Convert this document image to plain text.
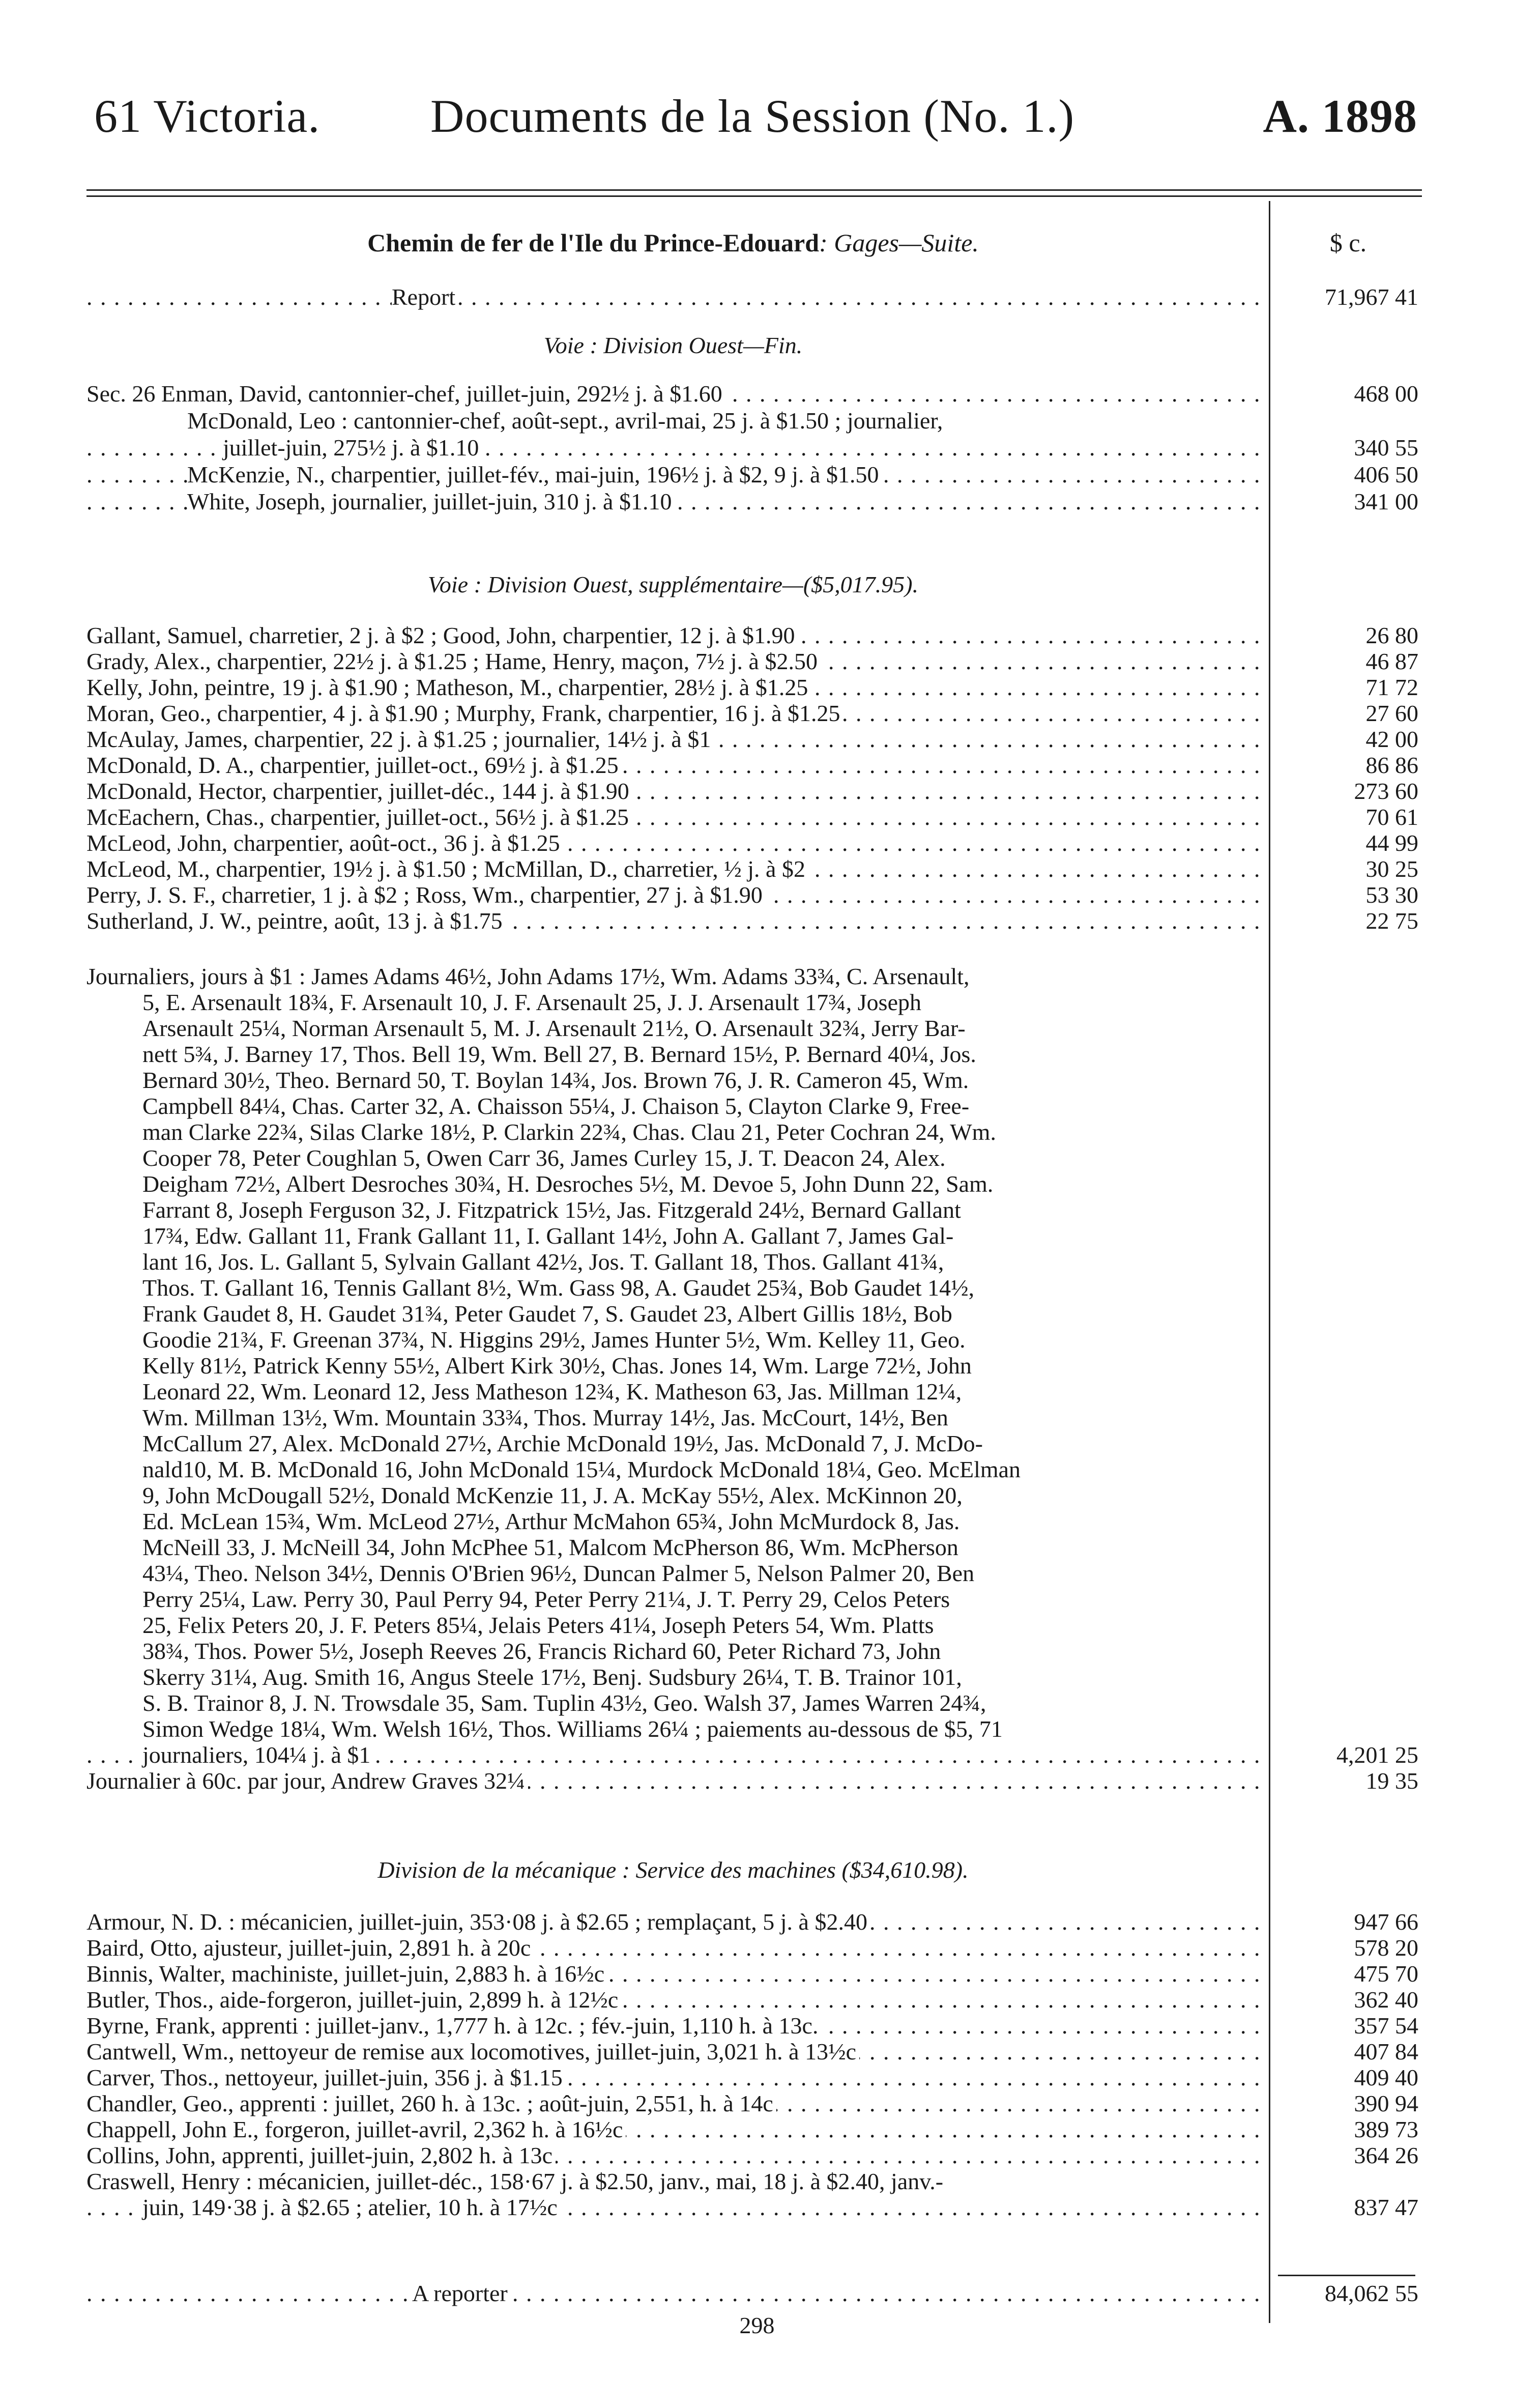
61 Victoria. Documents de la Session (No. 1.)	A. 1898
Chemin de fer de l'Ile du Prince-Edouard: Gages—Suite.	$ c.
Report . . .	71,967 41
Voie : Division Ouest—Fin.
Sec. 26 Enman, David, cantonnier-chef, juillet-juin, 292½ j. à $1.60 . . .	468 00
McDonald, Leo : cantonnier-chef, août-sept., avril-mai, 25 j. à $1.50 ; journalier,
juillet-juin, 275½ j. à $1.10 . . .	340 55
McKenzie, N., charpentier, juillet-fév., mai-juin, 196½ j. à $2, 9 j. à $1.50 . . .	406 50
White, Joseph, journalier, juillet-juin, 310 j. à $1.10 . . .	341 00
Voie : Division Ouest, supplémentaire—($5,017.95).
Gallant, Samuel, charretier, 2 j. à $2 ; Good, John, charpentier, 12 j. à $1.90 . . .	26 80
Grady, Alex., charpentier, 22½ j. à $1.25 ; Hame, Henry, maçon, 7½ j. à $2.50 . . .	46 87
Kelly, John, peintre, 19 j. à $1.90 ; Matheson, M., charpentier, 28½ j. à $1.25 . . .	71 72
Moran, Geo., charpentier, 4 j. à $1.90 ; Murphy, Frank, charpentier, 16 j. à $1.25 . . .	27 60
McAulay, James, charpentier, 22 j. à $1.25 ; journalier, 14½ j. à $1 . . .	42 00
McDonald, D. A., charpentier, juillet-oct., 69½ j. à $1.25 . . .	86 86
McDonald, Hector, charpentier, juillet-déc., 144 j. à $1.90 . . .	273 60
McEachern, Chas., charpentier, juillet-oct., 56½ j. à $1.25 . . .	70 61
McLeod, John, charpentier, août-oct., 36 j. à $1.25 . . .	44 99
McLeod, M., charpentier, 19½ j. à $1.50 ; McMillan, D., charretier, ½ j. à $2 . . .	30 25
Perry, J. S. F., charretier, 1 j. à $2 ; Ross, Wm., charpentier, 27 j. à $1.90 . . .	53 30
Sutherland, J. W., peintre, août, 13 j. à $1.75 . . .	22 75
Journaliers, jours à $1 : James Adams 46½, John Adams 17½, Wm. Adams 33¾, C. Arsenault,
5, E. Arsenault 18¾, F. Arsenault 10, J. F. Arsenault 25, J. J. Arsenault 17¾, Joseph
Arsenault 25¼, Norman Arsenault 5, M. J. Arsenault 21½, O. Arsenault 32¾, Jerry Bar-
nett 5¾, J. Barney 17, Thos. Bell 19, Wm. Bell 27, B. Bernard 15½, P. Bernard 40¼, Jos.
Bernard 30½, Theo. Bernard 50, T. Boylan 14¾, Jos. Brown 76, J. R. Cameron 45, Wm.
Campbell 84¼, Chas. Carter 32, A. Chaisson 55¼, J. Chaison 5, Clayton Clarke 9, Free-
man Clarke 22¾, Silas Clarke 18½, P. Clarkin 22¾, Chas. Clau 21, Peter Cochran 24, Wm.
Cooper 78, Peter Coughlan 5, Owen Carr 36, James Curley 15, J. T. Deacon 24, Alex.
Deigham 72½, Albert Desroches 30¾, H. Desroches 5½, M. Devoe 5, John Dunn 22, Sam.
Farrant 8, Joseph Ferguson 32, J. Fitzpatrick 15½, Jas. Fitzgerald 24½, Bernard Gallant
17¾, Edw. Gallant 11, Frank Gallant 11, I. Gallant 14½, John A. Gallant 7, James Gal-
lant 16, Jos. L. Gallant 5, Sylvain Gallant 42½, Jos. T. Gallant 18, Thos. Gallant 41¾,
Thos. T. Gallant 16, Tennis Gallant 8½, Wm. Gass 98, A. Gaudet 25¾, Bob Gaudet 14½,
Frank Gaudet 8, H. Gaudet 31¾, Peter Gaudet 7, S. Gaudet 23, Albert Gillis 18½, Bob
Goodie 21¾, F. Greenan 37¾, N. Higgins 29½, James Hunter 5½, Wm. Kelley 11, Geo.
Kelly 81½, Patrick Kenny 55½, Albert Kirk 30½, Chas. Jones 14, Wm. Large 72½, John
Leonard 22, Wm. Leonard 12, Jess Matheson 12¾, K. Matheson 63, Jas. Millman 12¼,
Wm. Millman 13½, Wm. Mountain 33¾, Thos. Murray 14½, Jas. McCourt, 14½, Ben
McCallum 27, Alex. McDonald 27½, Archie McDonald 19½, Jas. McDonald 7, J. McDo-
nald10, M. B. McDonald 16, John McDonald 15¼, Murdock McDonald 18¼, Geo. McElman
9, John McDougall 52½, Donald McKenzie 11, J. A. McKay 55½, Alex. McKinnon 20,
Ed. McLean 15¾, Wm. McLeod 27½, Arthur McMahon 65¾, John McMurdock 8, Jas.
McNeill 33, J. McNeill 34, John McPhee 51, Malcom McPherson 86, Wm. McPherson
43¼, Theo. Nelson 34½, Dennis O'Brien 96½, Duncan Palmer 5, Nelson Palmer 20, Ben
Perry 25¼, Law. Perry 30, Paul Perry 94, Peter Perry 21¼, J. T. Perry 29, Celos Peters
25, Felix Peters 20, J. F. Peters 85¼, Jelais Peters 41¼, Joseph Peters 54, Wm. Platts
38¾, Thos. Power 5½, Joseph Reeves 26, Francis Richard 60, Peter Richard 73, John
Skerry 31¼, Aug. Smith 16, Angus Steele 17½, Benj. Sudsbury 26¼, T. B. Trainor 101,
S. B. Trainor 8, J. N. Trowsdale 35, Sam. Tuplin 43½, Geo. Walsh 37, James Warren 24¾,
Simon Wedge 18¼, Wm. Welsh 16½, Thos. Williams 26¼ ; paiements au-dessous de $5, 71
journaliers, 104¼ j. à $1 . . .	4,201 25
Journalier à 60c. par jour, Andrew Graves 32¼ . . .	19 35
Division de la mécanique : Service des machines ($34,610.98).
Armour, N. D. : mécanicien, juillet-juin, 353·08 j. à $2.65 ; remplaçant, 5 j. à $2.40 . . .	947 66
Baird, Otto, ajusteur, juillet-juin, 2,891 h. à 20c . . .	578 20
Binnis, Walter, machiniste, juillet-juin, 2,883 h. à 16½c . . .	475 70
Butler, Thos., aide-forgeron, juillet-juin, 2,899 h. à 12½c . . .	362 40
Byrne, Frank, apprenti : juillet-janv., 1,777 h. à 12c. ; fév.-juin, 1,110 h. à 13c. . . .	357 54
Cantwell, Wm., nettoyeur de remise aux locomotives, juillet-juin, 3,021 h. à 13½c . . .	407 84
Carver, Thos., nettoyeur, juillet-juin, 356 j. à $1.15 . . .	409 40
Chandler, Geo., apprenti : juillet, 260 h. à 13c. ; août-juin, 2,551, h. à 14c . . .	390 94
Chappell, John E., forgeron, juillet-avril, 2,362 h. à 16½c . . .	389 73
Collins, John, apprenti, juillet-juin, 2,802 h. à 13c . . .	364 26
Craswell, Henry : mécanicien, juillet-déc., 158·67 j. à $2.50, janv., mai, 18 j. à $2.40, janv.-
juin, 149·38 j. à $2.65 ; atelier, 10 h. à 17½c . . .	837 47
A reporter . . .	84,062 55
298
